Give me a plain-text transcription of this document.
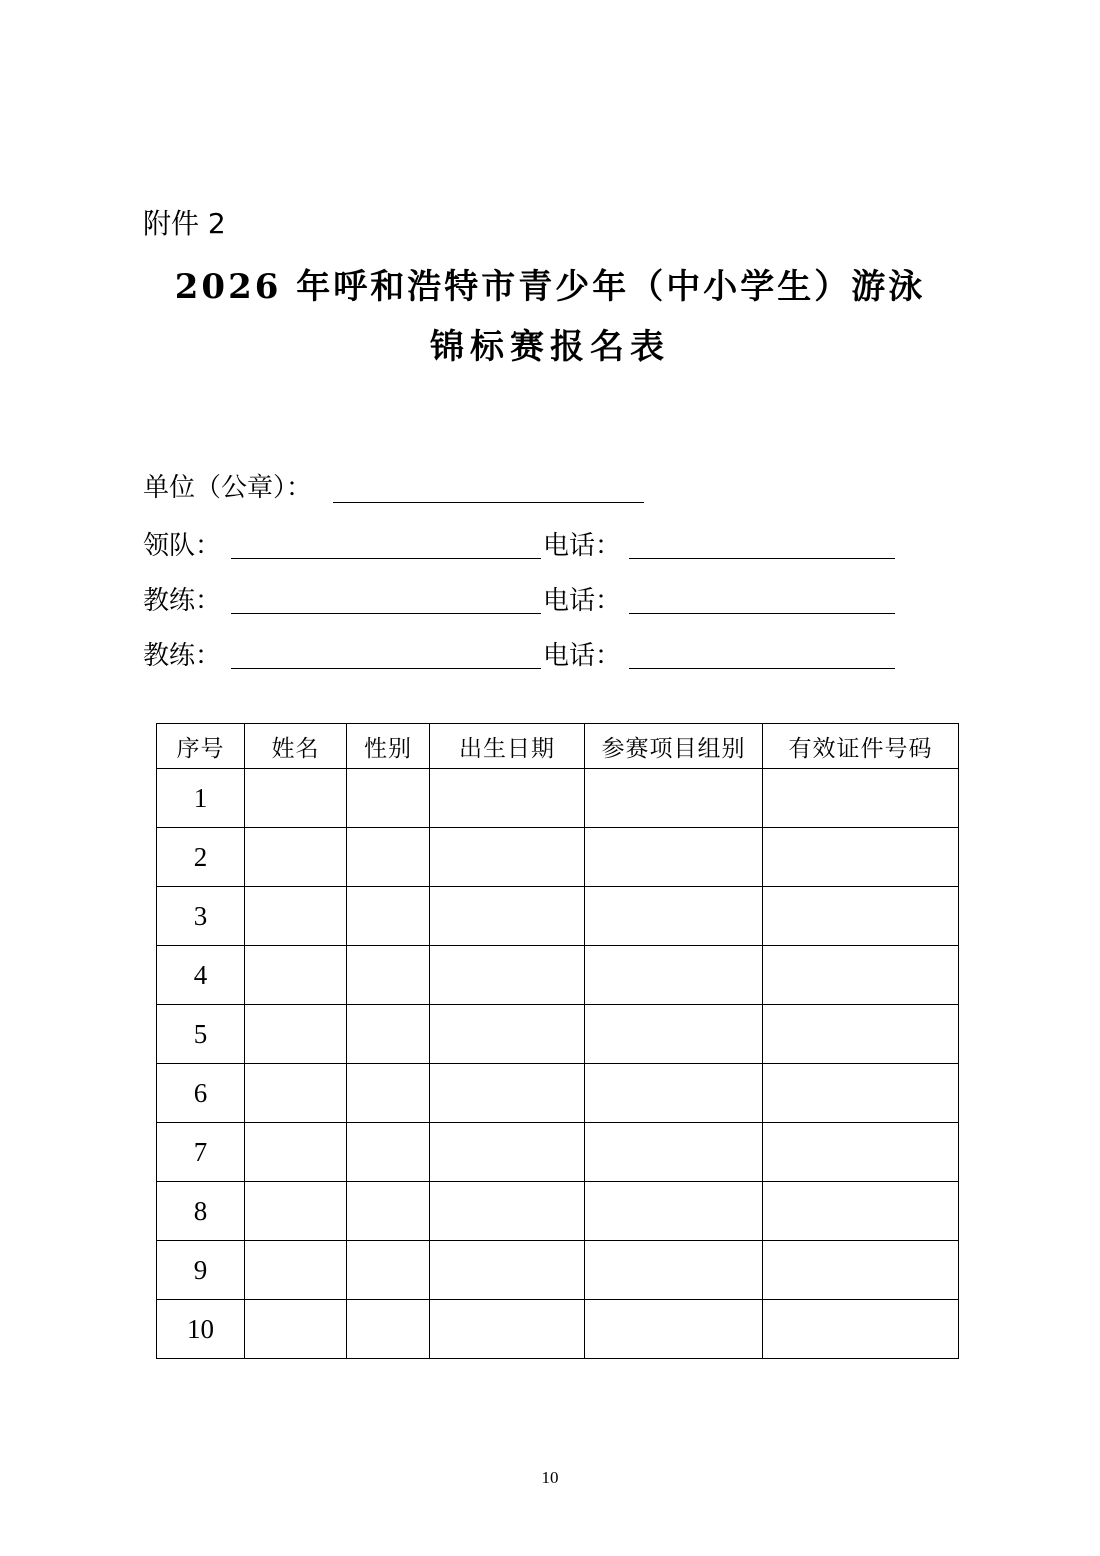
附件 2
2026 年呼和浩特市青少年（中小学生）游泳
锦标赛报名表
单位（公章）：
领队：	电话：
教练：	电话：
教练：	电话：
序号	姓名	性别	出生日期	参赛项目组别	有效证件号码
1					
2					
3					
4					
5					
6					
7					
8					
9					
10					
10
